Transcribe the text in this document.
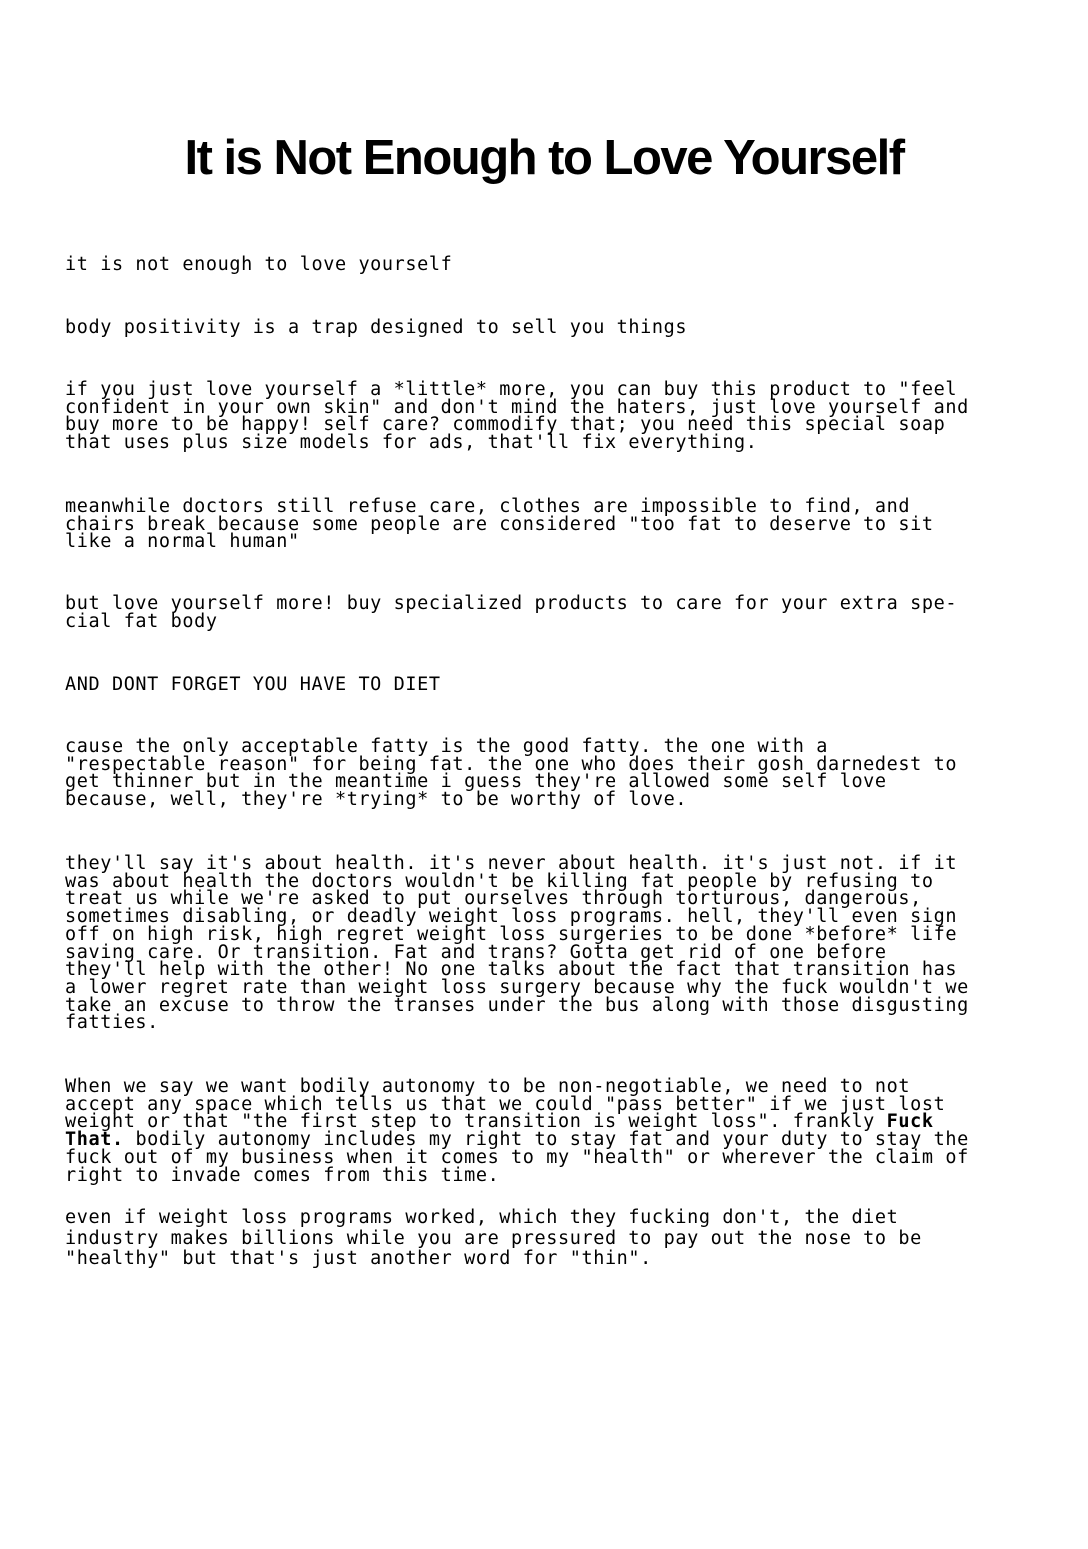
It is Not Enough to Love Yourself

it is not enough to love yourself

body positivity is a trap designed to sell you things

if you just love yourself a *little* more, you can buy this product to "feel
confident in your own skin" and don't mind the haters, just love yourself and
buy more to be happy! self care? commodify that; you need this special soap
that uses plus size models for ads, that'll fix everything.

meanwhile doctors still refuse care, clothes are impossible to find, and
chairs break because some people are considered "too fat to deserve to sit
like a normal human"

but love yourself more! buy specialized products to care for your extra spe-
cial fat body

AND DONT FORGET YOU HAVE TO DIET

cause the only acceptable fatty is the good fatty. the one with a
"respectable reason" for being fat. the one who does their gosh darnedest to
get thinner but in the meantime i guess they're allowed some self love
because, well, they're *trying* to be worthy of love.

they'll say it's about health. it's never about health. it's just not. if it
was about health the doctors wouldn't be killing fat people by refusing to
treat us while we're asked to put ourselves through torturous, dangerous,
sometimes disabling, or deadly weight loss programs. hell, they'll even sign
off on high risk, high regret weight loss surgeries to be done *before* life
saving care. Or transition. Fat and trans? Gotta get rid of one before
they'll help with the other! No one talks about the fact that transition has
a lower regret rate than weight loss surgery because why the fuck wouldn't we
take an excuse to throw the transes under the bus along with those disgusting
fatties.

When we say we want bodily autonomy to be non-negotiable, we need to not
accept any space which tells us that we could "pass better" if we just lost
weight or that "the first step to transition is weight loss". frankly Fuck
That. bodily autonomy includes my right to stay fat and your duty to stay the
fuck out of my business when it comes to my "health" or wherever the claim of
right to invade comes from this time.

even if weight loss programs worked, which they fucking don't, the diet
industry makes billions while you are pressured to pay out the nose to be
"healthy" but that's just another word for "thin".
